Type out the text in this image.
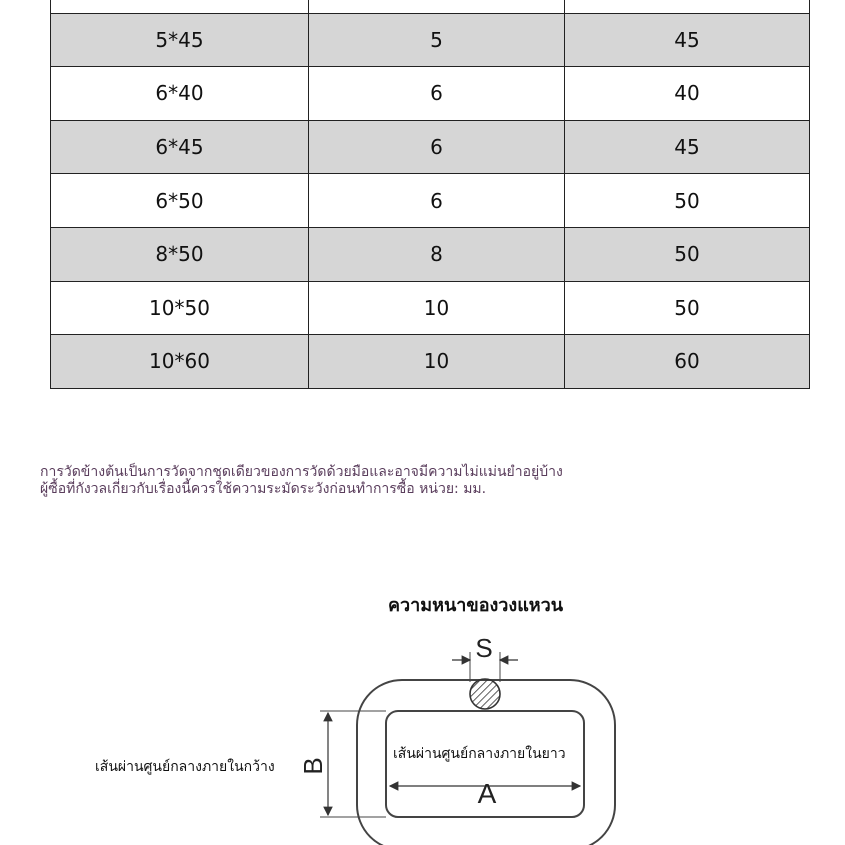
5*45	5	45
6*40	6	40
6*45	6	45
6*50	6	50
8*50	8	50
10*50	10	50
10*60	10	60
การวัดข้างต้นเป็นการวัดจากชุดเดียวของการวัดด้วยมือและอาจมีความไม่แม่นยำอยู่บ้าง
ผู้ซื้อที่กังวลเกี่ยวกับเรื่องนี้ควรใช้ความระมัดระวังก่อนทำการซื้อ หน่วย: มม.
S
A
B
ความหนาของวงแหวน
เส้นผ่านศูนย์กลางภายในกว้าง
เส้นผ่านศูนย์กลางภายในยาว
